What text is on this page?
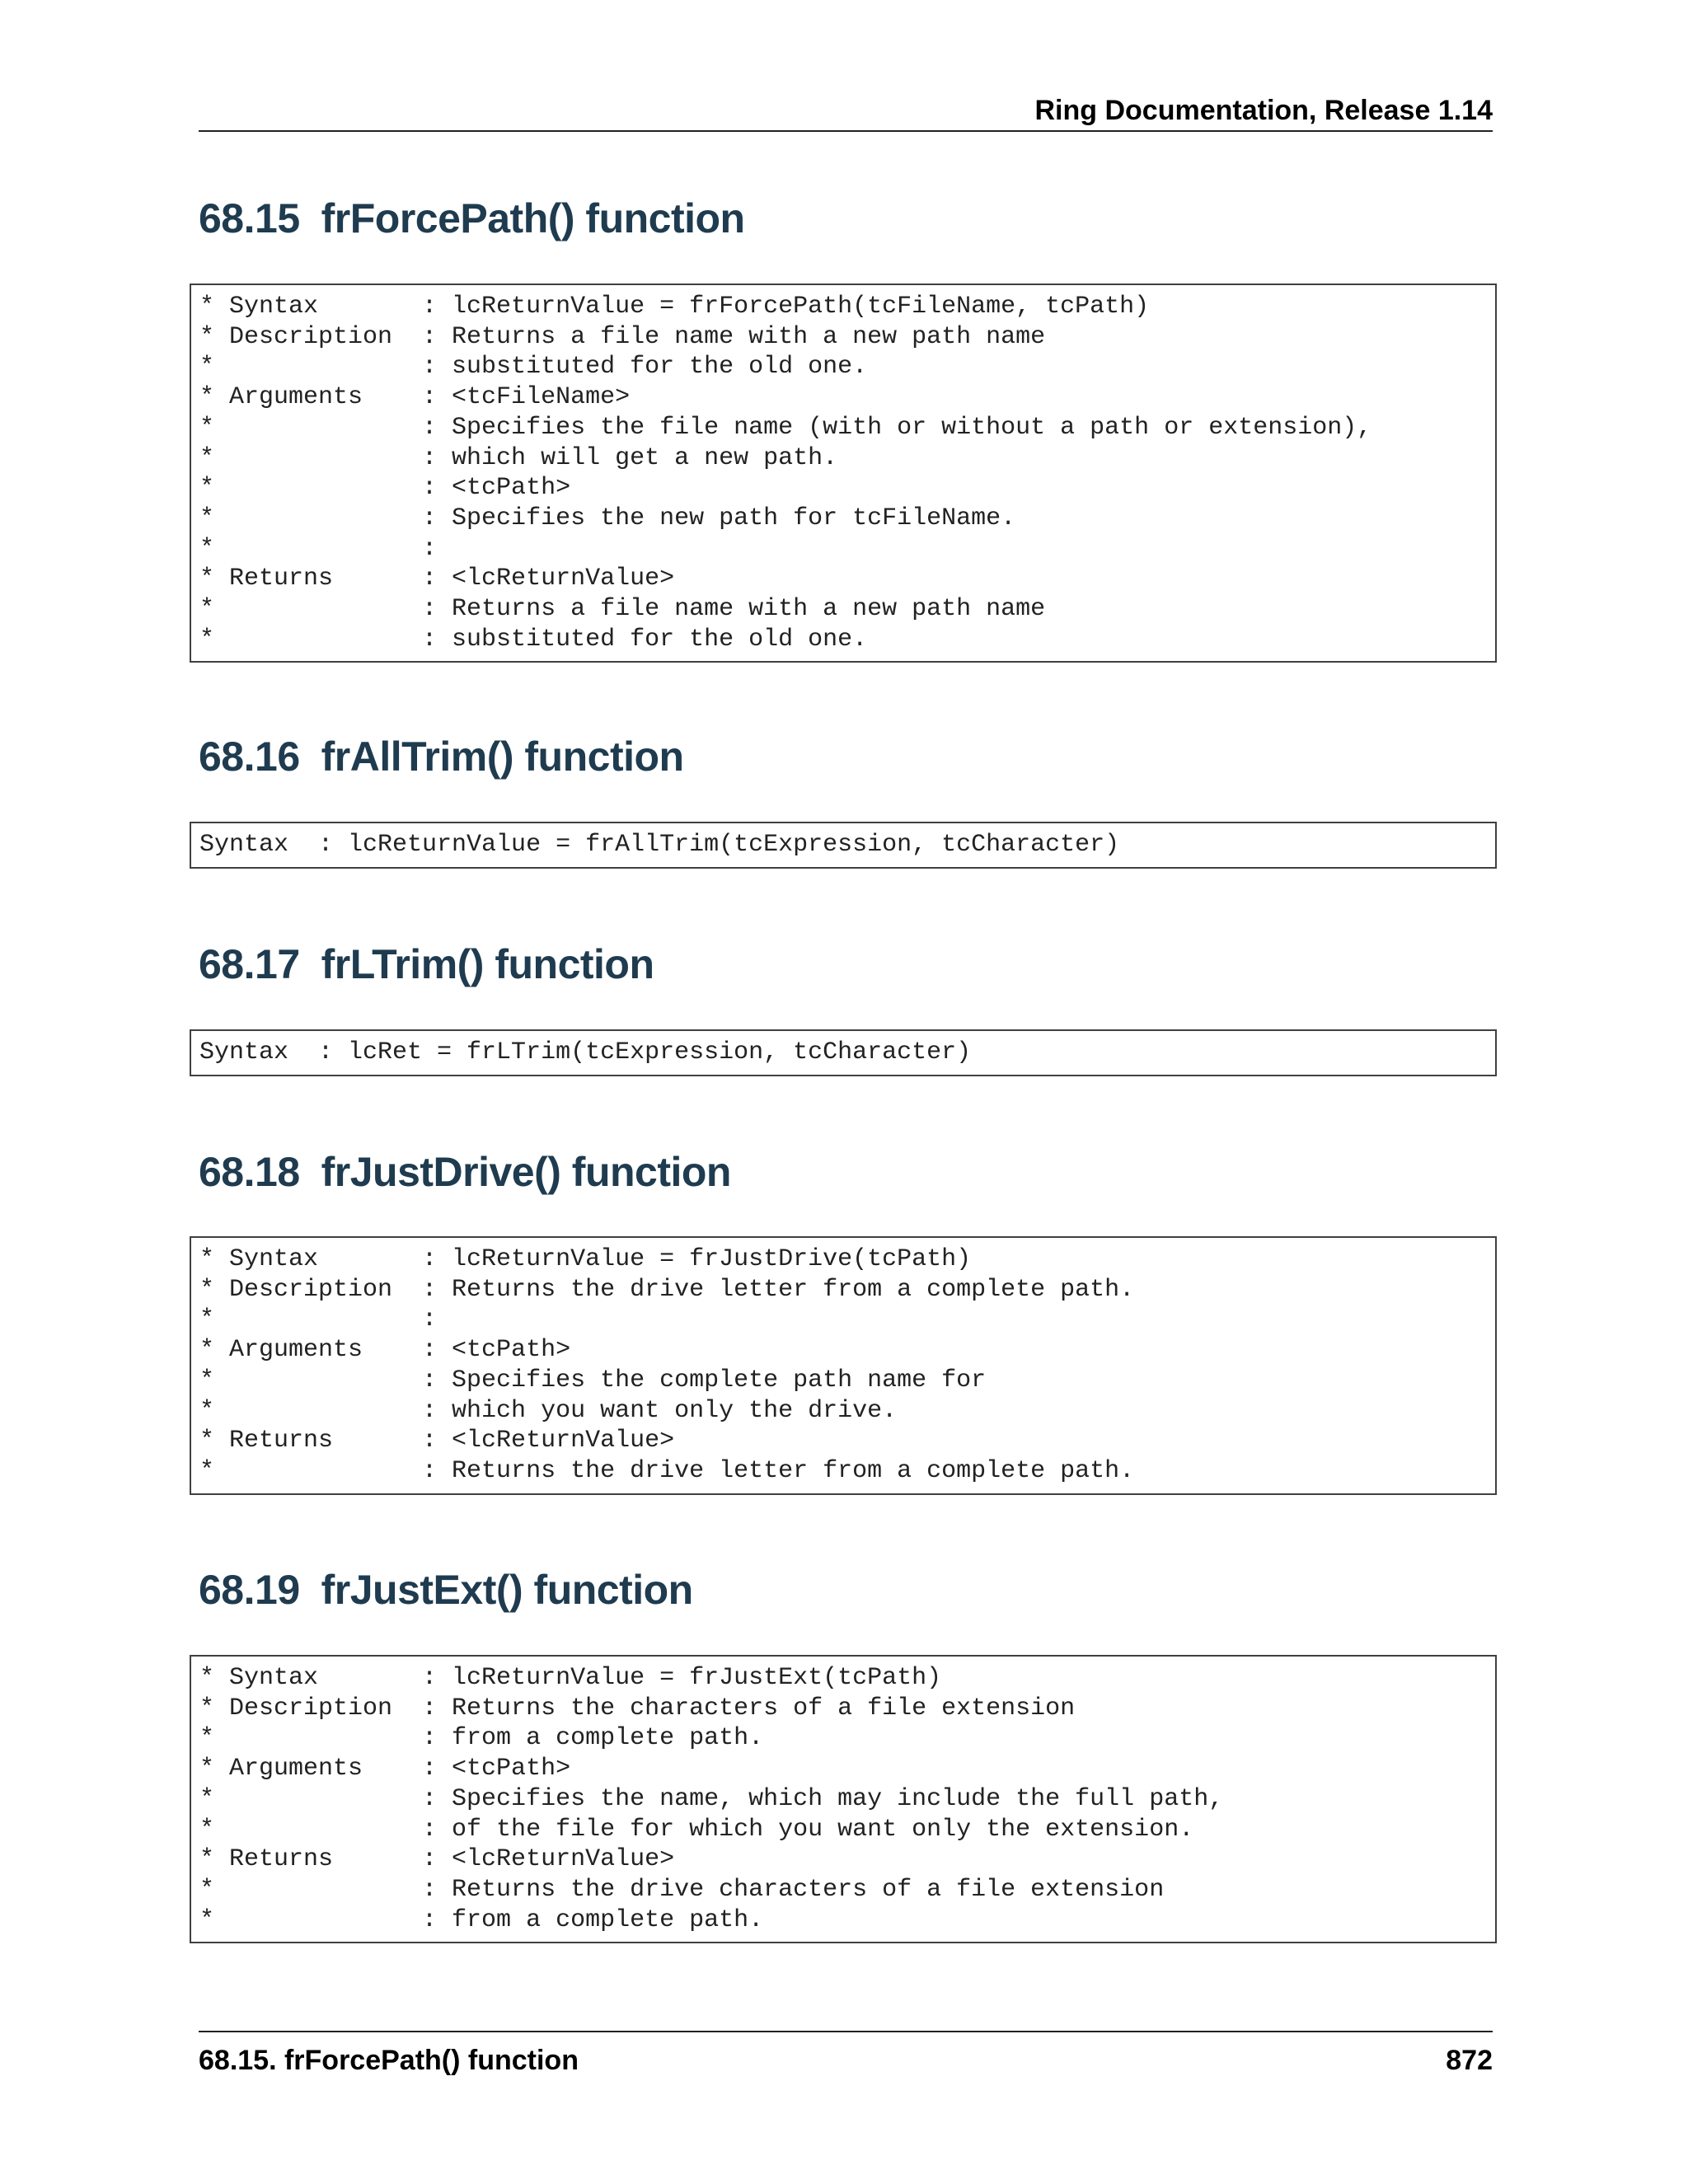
Ring Documentation, Release 1.14
68.15 frForcePath() function
* Syntax       : lcReturnValue = frForcePath(tcFileName, tcPath)
* Description  : Returns a file name with a new path name
*              : substituted for the old one.
* Arguments    : <tcFileName>
*              : Specifies the file name (with or without a path or extension),
*              : which will get a new path.
*              : <tcPath>
*              : Specifies the new path for tcFileName.
*              :
* Returns      : <lcReturnValue>
*              : Returns a file name with a new path name
*              : substituted for the old one.
68.16 frAllTrim() function
Syntax  : lcReturnValue = frAllTrim(tcExpression, tcCharacter)
68.17 frLTrim() function
Syntax  : lcRet = frLTrim(tcExpression, tcCharacter)
68.18 frJustDrive() function
* Syntax       : lcReturnValue = frJustDrive(tcPath)
* Description  : Returns the drive letter from a complete path.
*              :
* Arguments    : <tcPath>
*              : Specifies the complete path name for
*              : which you want only the drive.
* Returns      : <lcReturnValue>
*              : Returns the drive letter from a complete path.
68.19 frJustExt() function
* Syntax       : lcReturnValue = frJustExt(tcPath)
* Description  : Returns the characters of a file extension
*              : from a complete path.
* Arguments    : <tcPath>
*              : Specifies the name, which may include the full path,
*              : of the file for which you want only the extension.
* Returns      : <lcReturnValue>
*              : Returns the drive characters of a file extension
*              : from a complete path.
68.15. frForcePath() function	872
